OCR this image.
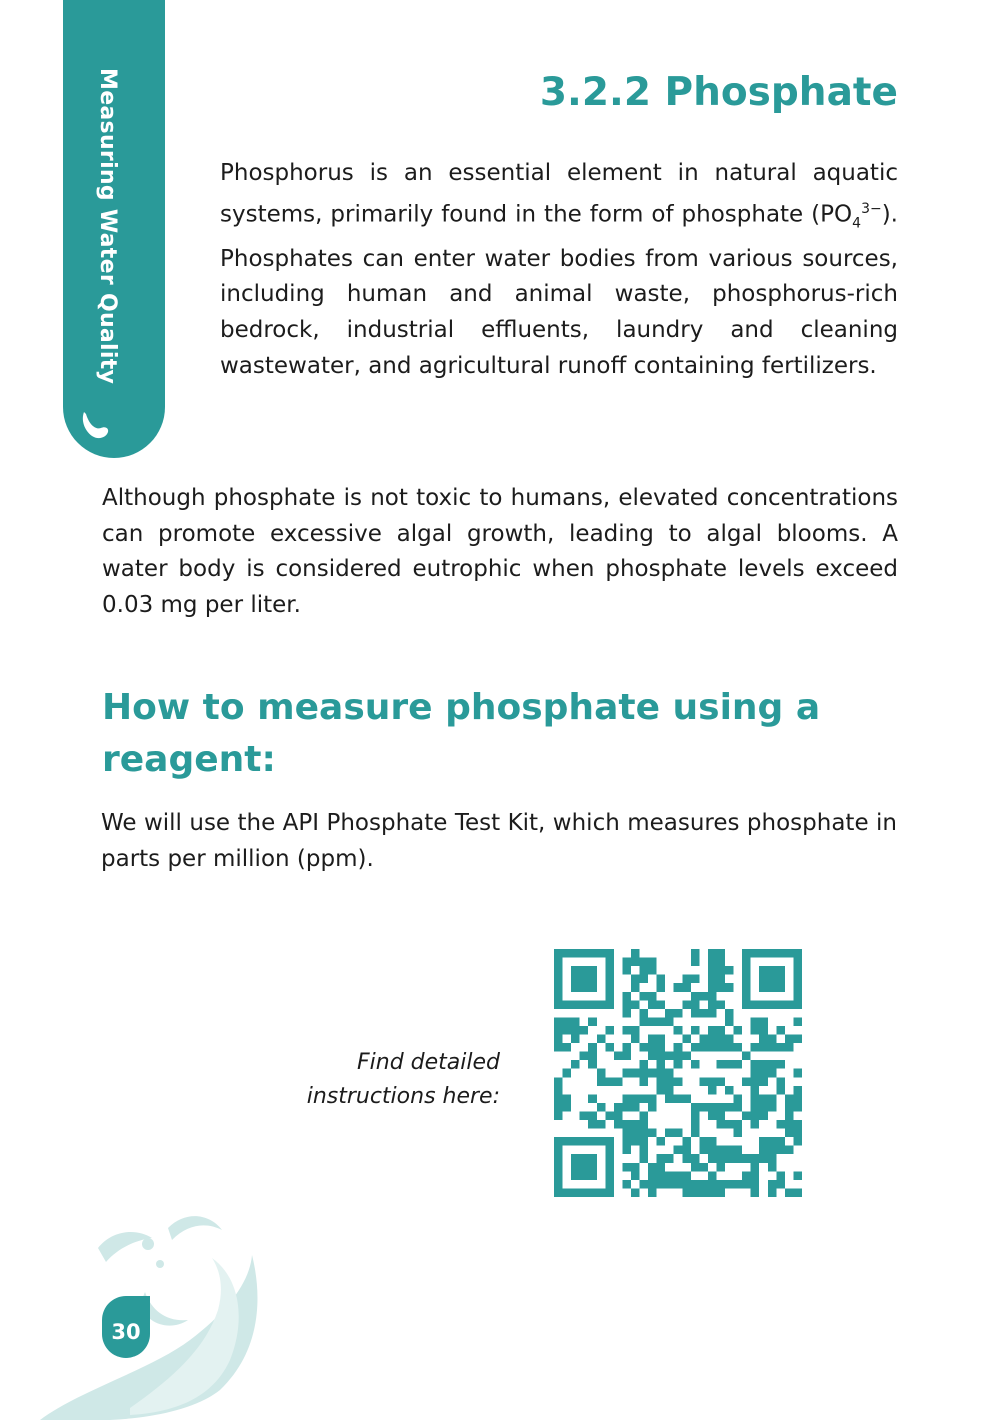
Measuring Water Quality	3.2.2 Phosphate

Phosphorus is an essential element in natural aquatic systems, primarily found in the form of phosphate $(PO_4^{3-})$. Phosphates can enter water bodies from various sources, including human and animal waste, phosphorus-rich bedrock, industrial effluents, laundry and cleaning wastewater, and agricultural runoff containing fertilizers.

Although phosphate is not toxic to humans, elevated concentrations can promote excessive algal growth, leading to algal blooms. A water body is considered eutrophic when phosphate levels exceed 0.03 mg per liter.

How to measure phosphate using a reagent:

We will use the API Phosphate Test Kit, which measures phosphate in parts per million (ppm).

Find detailed
instructions here:

30
